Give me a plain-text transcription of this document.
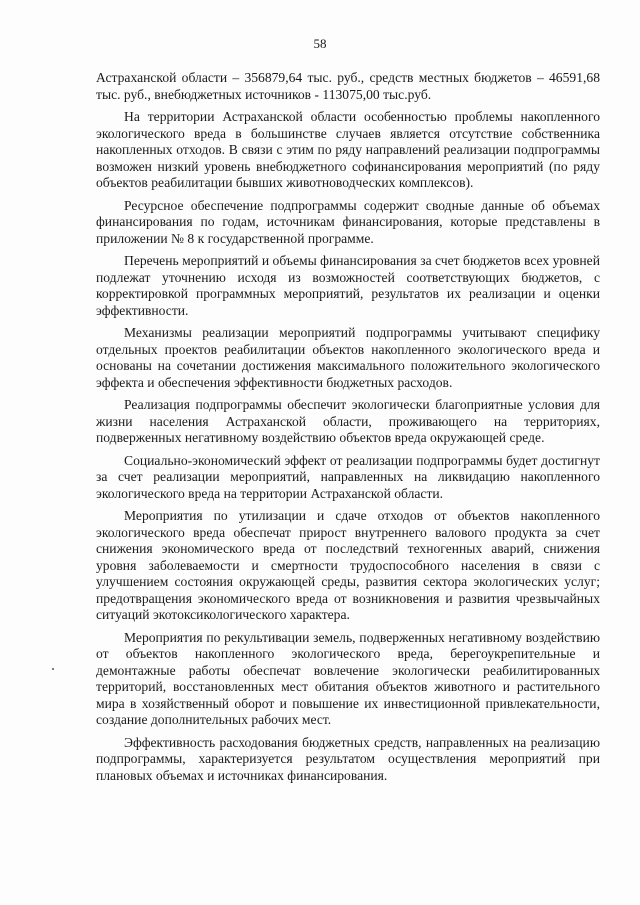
58

Астраханской области – 356879,64 тыс. руб., средств местных бюджетов – 46591,68 тыс. руб., внебюджетных источников - 113075,00 тыс.руб.

На территории Астраханской области особенностью проблемы накопленного экологического вреда в большинстве случаев является отсутствие собственника накопленных отходов. В связи с этим по ряду направлений реализации подпрограммы возможен низкий уровень внебюджетного софинансирования мероприятий (по ряду объектов реабилитации бывших животноводческих комплексов).

Ресурсное обеспечение подпрограммы содержит сводные данные об объемах финансирования по годам, источникам финансирования, которые представлены в приложении № 8 к государственной программе.

Перечень мероприятий и объемы финансирования за счет бюджетов всех уровней подлежат уточнению исходя из возможностей соответствующих бюджетов, с корректировкой программных мероприятий, результатов их реализации и оценки эффективности.

Механизмы реализации мероприятий подпрограммы учитывают специфику отдельных проектов реабилитации объектов накопленного экологического вреда и основаны на сочетании достижения максимального положительного экологического эффекта и обеспечения эффективности бюджетных расходов.

Реализация подпрограммы обеспечит экологически благоприятные условия для жизни населения Астраханской области, проживающего на территориях, подверженных негативному воздействию объектов вреда окружающей среде.

Социально-экономический эффект от реализации подпрограммы будет достигнут за счет реализации мероприятий, направленных на ликвидацию накопленного экологического вреда на территории Астраханской области.

Мероприятия по утилизации и сдаче отходов от объектов накопленного экологического вреда обеспечат прирост внутреннего валового продукта за счет снижения экономического вреда от последствий техногенных аварий, снижения уровня заболеваемости и смертности трудоспособного населения в связи с улучшением состояния окружающей среды, развития сектора экологических услуг; предотвращения экономического вреда от возникновения и развития чрезвычайных ситуаций экотоксикологического характера.

Мероприятия по рекультивации земель, подверженных негативному воздействию от объектов накопленного экологического вреда, берегоукрепительные и демонтажные работы обеспечат вовлечение экологически реабилитированных территорий, восстановленных мест обитания объектов животного и растительного мира в хозяйственный оборот и повышение их инвестиционной привлекательности, создание дополнительных рабочих мест.

Эффективность расходования бюджетных средств, направленных на реализацию подпрограммы, характеризуется результатом осуществления мероприятий при плановых объемах и источниках финансирования.
